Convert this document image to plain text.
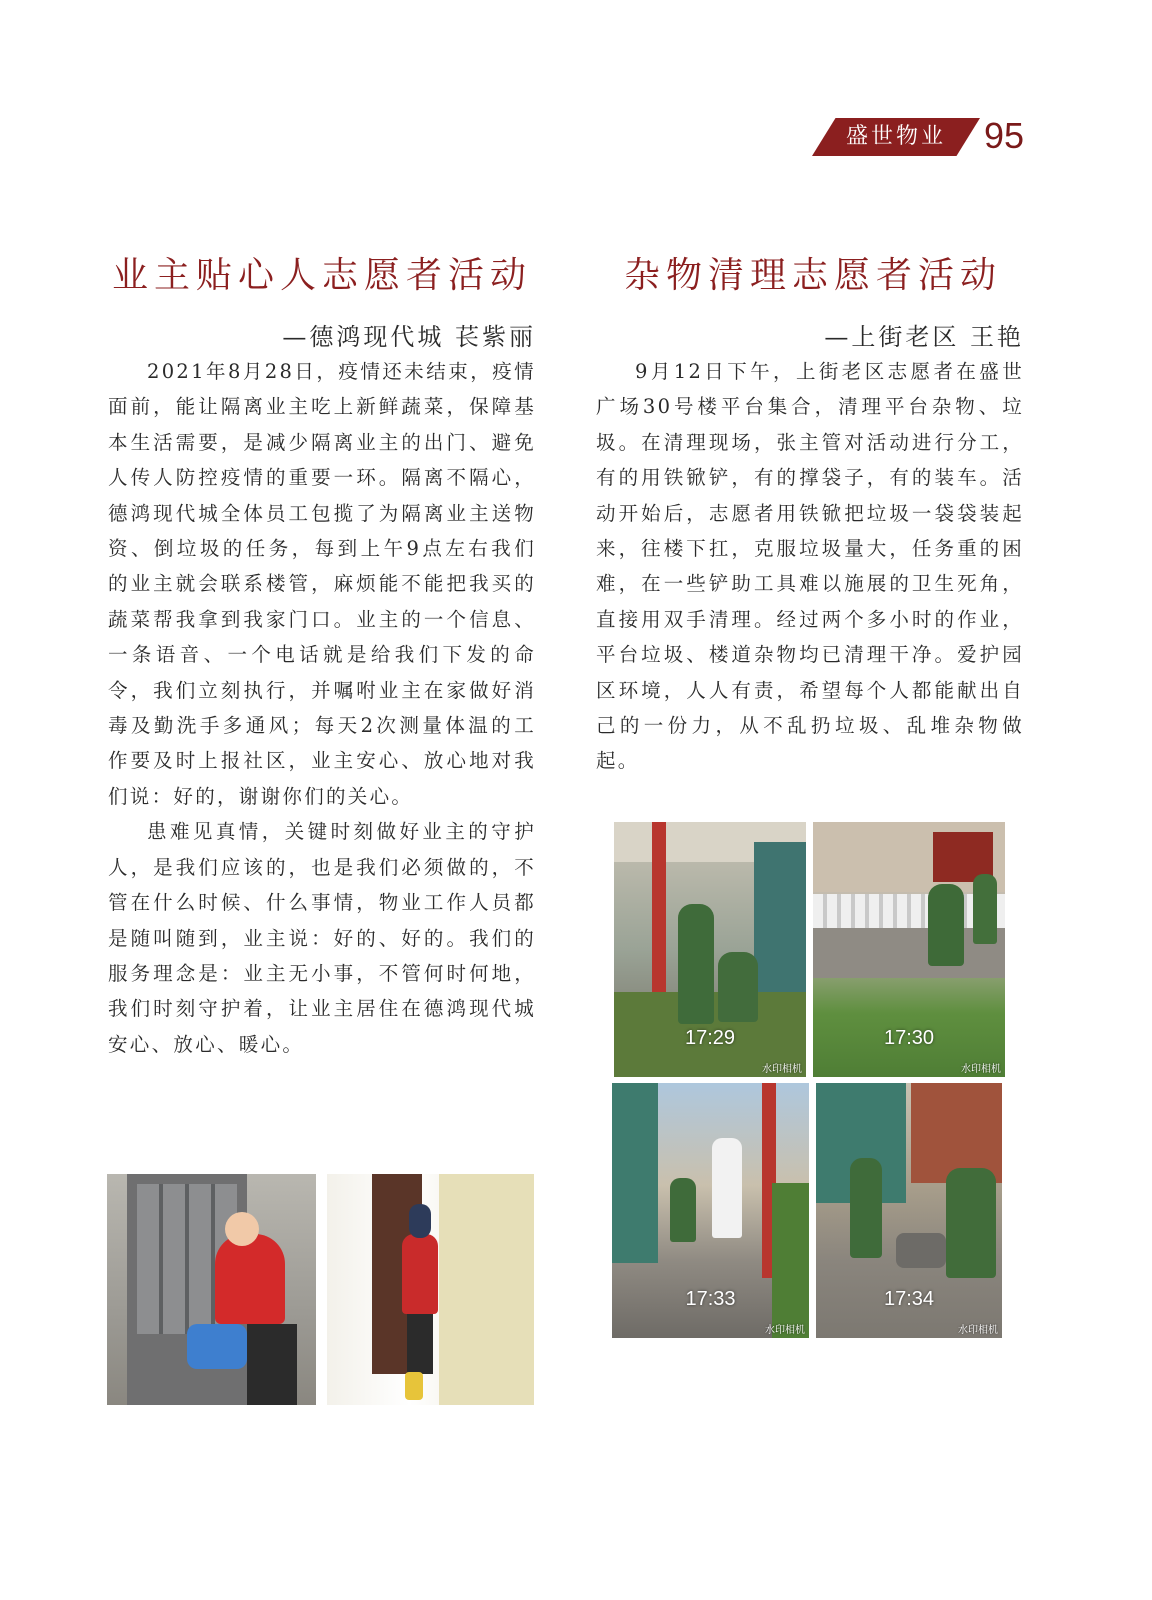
盛世物业	95
业主贴心人志愿者活动
—德鸿现代城 苌紫丽

2021年8月28日，疫情还未结束，疫情面前，能让隔离业主吃上新鲜蔬菜，保障基本生活需要，是减少隔离业主的出门、避免人传人防控疫情的重要一环。隔离不隔心，德鸿现代城全体员工包揽了为隔离业主送物资、倒垃圾的任务，每到上午9点左右我们的业主就会联系楼管，麻烦能不能把我买的蔬菜帮我拿到我家门口。业主的一个信息、一条语音、一个电话就是给我们下发的命令，我们立刻执行，并嘱咐业主在家做好消毒及勤洗手多通风；每天2次测量体温的工作要及时上报社区，业主安心、放心地对我们说：好的，谢谢你们的关心。

患难见真情，关键时刻做好业主的守护人，是我们应该的，也是我们必须做的，不管在什么时候、什么事情，物业工作人员都是随叫随到，业主说：好的、好的。我们的服务理念是：业主无小事，不管何时何地，我们时刻守护着，让业主居住在德鸿现代城安心、放心、暖心。

杂物清理志愿者活动
—上街老区 王艳

9月12日下午，上街老区志愿者在盛世广场30号楼平台集合，清理平台杂物、垃圾。在清理现场，张主管对活动进行分工，有的用铁锨铲，有的撑袋子，有的装车。活动开始后，志愿者用铁锨把垃圾一袋袋装起来，往楼下扛，克服垃圾量大，任务重的困难，在一些铲助工具难以施展的卫生死角，直接用双手清理。经过两个多小时的作业，平台垃圾、楼道杂物均已清理干净。爱护园区环境，人人有责，希望每个人都能献出自己的一份力，从不乱扔垃圾、乱堆杂物做起。

17:29
水印相机
17:30
水印相机
17:33
水印相机
17:34
水印相机
